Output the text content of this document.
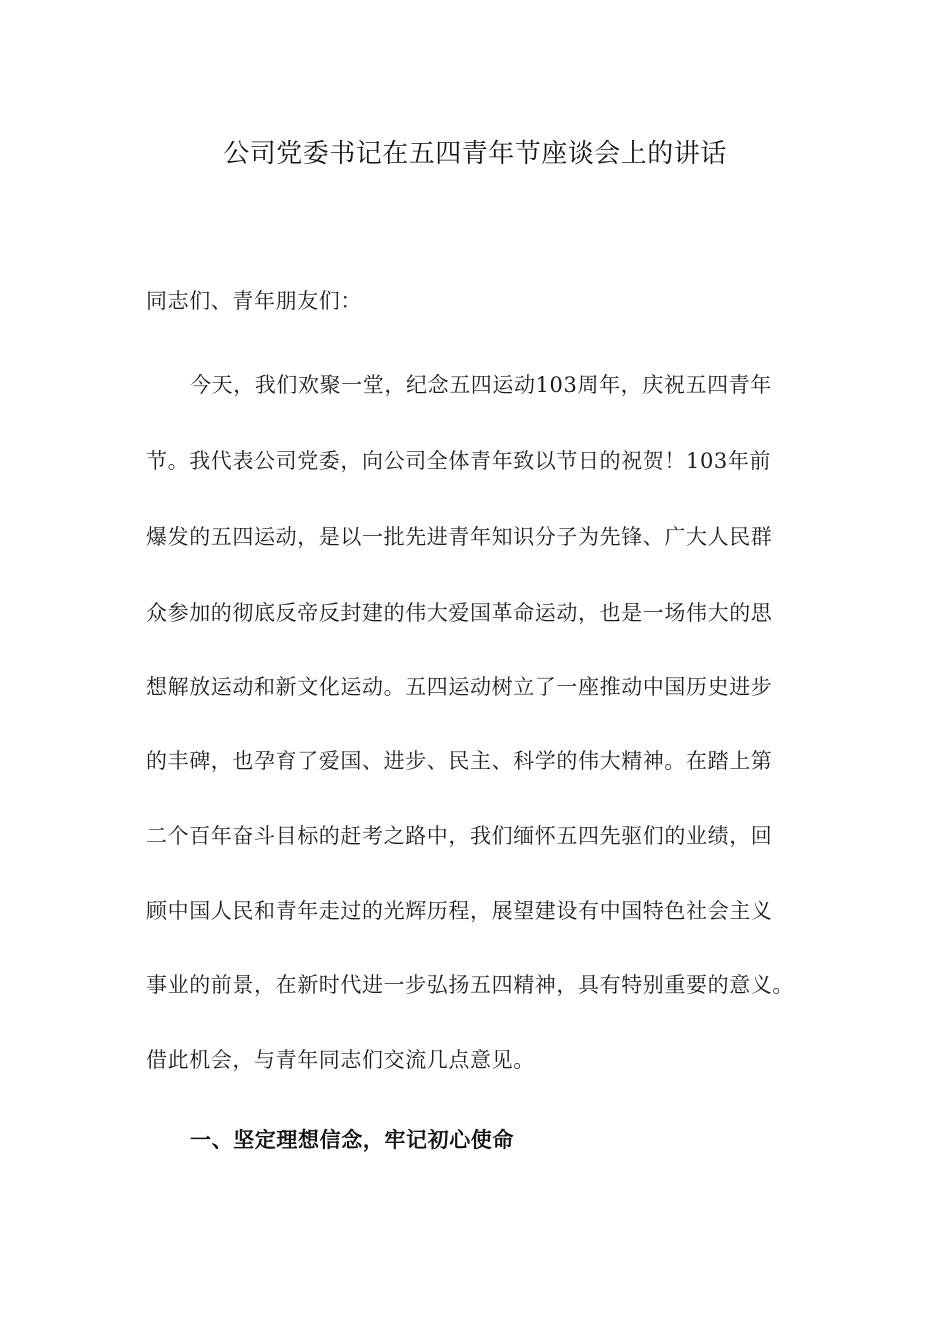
公司党委书记在五四青年节座谈会上的讲话
同志们、青年朋友们：
今天，我们欢聚一堂，纪念五四运动103周年，庆祝五四青年
节。我代表公司党委，向公司全体青年致以节日的祝贺！103年前
爆发的五四运动，是以一批先进青年知识分子为先锋、广大人民群
众参加的彻底反帝反封建的伟大爱国革命运动，也是一场伟大的思
想解放运动和新文化运动。五四运动树立了一座推动中国历史进步
的丰碑，也孕育了爱国、进步、民主、科学的伟大精神。在踏上第
二个百年奋斗目标的赶考之路中，我们缅怀五四先驱们的业绩，回
顾中国人民和青年走过的光辉历程，展望建设有中国特色社会主义
事业的前景，在新时代进一步弘扬五四精神，具有特别重要的意义。
借此机会，与青年同志们交流几点意见。
一、坚定理想信念，牢记初心使命
